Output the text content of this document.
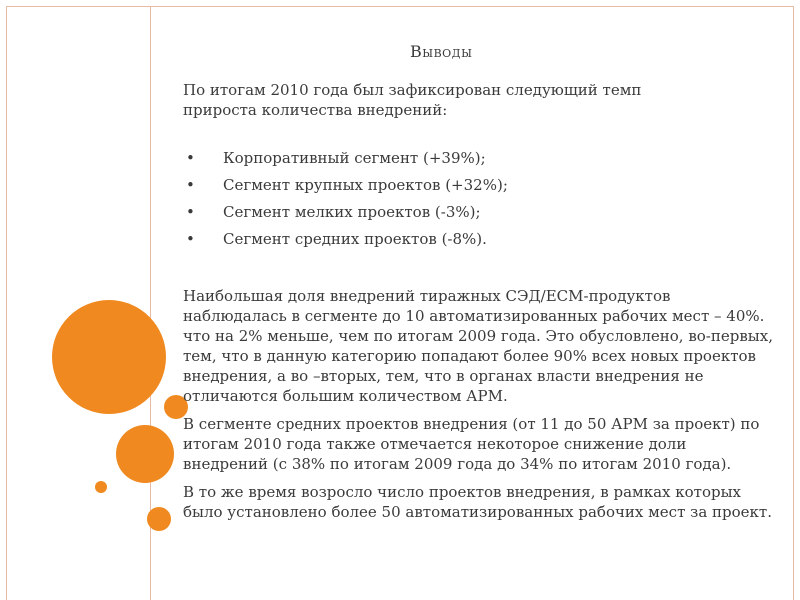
Выводы

По итогам 2010 года был зафиксирован следующий темп прироста количества внедрений:

• Корпоративный сегмент (+39%);
• Сегмент крупных проектов (+32%);
• Сегмент мелких проектов (-3%);
• Сегмент средних проектов (-8%).

Наибольшая доля внедрений тиражных СЭД/ECM-продуктов наблюдалась в сегменте до 10 автоматизированных рабочих мест – 40%. что на 2% меньше, чем по итогам 2009 года. Это обусловлено, во-первых, тем, что в данную категорию попадают более 90% всех новых проектов внедрения, а во –вторых, тем, что в органах власти внедрения не отличаются большим количеством АРМ.

В сегменте средних проектов внедрения (от 11 до 50 АРМ за проект) по итогам 2010 года также отмечается некоторое снижение доли внедрений (с 38% по итогам 2009 года до 34% по итогам 2010 года).

В то же время возросло число проектов внедрения, в рамках которых было установлено более 50 автоматизированных рабочих мест за проект.
